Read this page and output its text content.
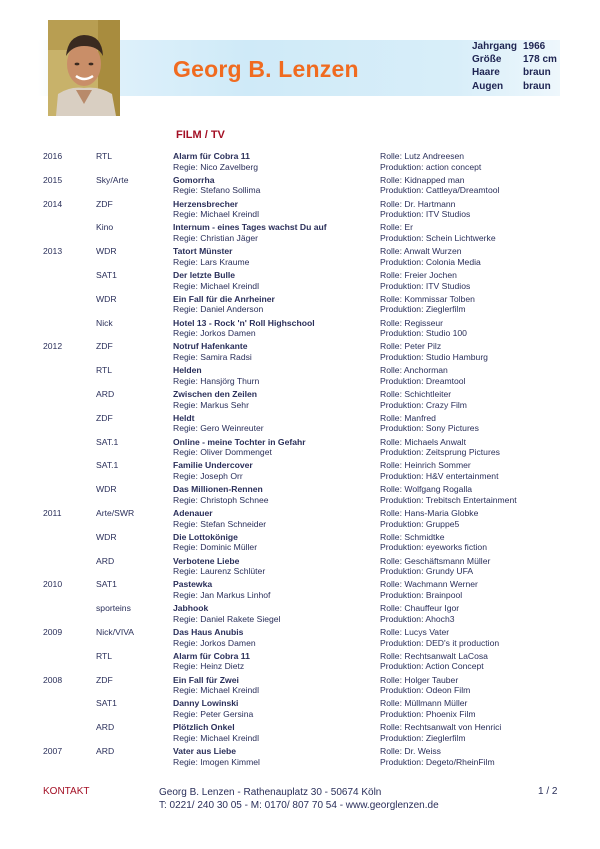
Georg B. Lenzen
Jahrgang 1966
Größe	178 cm
Haare	braun
Augen	braun
FILM / TV
2016	RTL	Alarm für Cobra 11
Regie: Nico Zavelberg
Rolle: Lutz Andreesen
Produktion: action concept
2015	Sky/Arte	Gomorrha
Regie: Stefano Sollima
Rolle: Kidnapped man
Produktion: Cattleya/Dreamtool
2014	ZDF	Herzensbrecher
Regie: Michael Kreindl
Rolle: Dr. Hartmann
Produktion: ITV Studios
Kino	Internum - eines Tages wachst Du auf
Regie: Christian Jäger
Rolle: Er
Produktion: Schein Lichtwerke
2013	WDR	Tatort Münster
Regie: Lars Kraume
Rolle: Anwalt Wurzen
Produktion: Colonia Media
SAT1	Der letzte Bulle
Regie: Michael Kreindl
Rolle: Freier Jochen
Produktion: ITV Studios
WDR	Ein Fall für die Anrheiner
Regie: Daniel Anderson
Rolle: Kommissar Tolben
Produktion: Zieglerfilm
Nick	Hotel 13 - Rock 'n' Roll Highschool
Regie: Jorkos Damen
Rolle: Regisseur
Produktion: Studio 100
2012	ZDF	Notruf Hafenkante
Regie: Samira Radsi
Rolle: Peter Pilz
Produktion: Studio Hamburg
RTL	Helden
Regie: Hansjörg Thurn
Rolle: Anchorman
Produktion: Dreamtool
ARD	Zwischen den Zeilen
Regie: Markus Sehr
Rolle: Schichtleiter
Produktion: Crazy Film
ZDF	Heldt
Regie: Gero Weinreuter
Rolle: Manfred
Produktion: Sony Pictures
SAT.1	Online - meine Tochter in Gefahr
Regie: Oliver Dommenget
Rolle: Michaels Anwalt
Produktion: Zeitsprung Pictures
SAT.1	Familie Undercover
Regie: Joseph Orr
Rolle: Heinrich Sommer
Produktion: H&V entertainment
WDR	Das Millionen-Rennen
Regie: Christoph Schnee
Rolle: Wolfgang Rogalla
Produktion: Trebitsch Entertainment
2011	Arte/SWR	Adenauer
Regie: Stefan Schneider
Rolle: Hans-Maria Globke
Produktion: Gruppe5
WDR	Die Lottokönige
Regie: Dominic Müller
Rolle: Schmidtke
Produktion: eyeworks fiction
ARD	Verbotene Liebe
Regie: Laurenz Schlüter
Rolle: Geschäftsmann Müller
Produktion: Grundy UFA
2010	SAT1	Pastewka
Regie: Jan Markus Linhof
Rolle: Wachmann Werner
Produktion: Brainpool
sporteins	Jabhook
Regie: Daniel Rakete Siegel
Rolle: Chauffeur Igor
Produktion: Ahoch3
2009	Nick/VIVA	Das Haus Anubis
Regie: Jorkos Damen
Rolle: Lucys Vater
Produktion: DED's it production
RTL	Alarm für Cobra 11
Regie: Heinz Dietz
Rolle: Rechtsanwalt LaCosa
Produktion: Action Concept
2008	ZDF	Ein Fall für Zwei
Regie: Michael Kreindl
Rolle: Holger Tauber
Produktion: Odeon Film
SAT1	Danny Lowinski
Regie: Peter Gersina
Rolle: Müllmann Müller
Produktion: Phoenix Film
ARD	Plötzlich Onkel
Regie: Michael Kreindl
Rolle: Rechtsanwalt von Henrici
Produktion: Zieglerfilm
2007	ARD	Vater aus Liebe
Regie: Imogen Kimmel
Rolle: Dr. Weiss
Produktion: Degeto/RheinFilm
KONTAKT	Georg B. Lenzen - Rathenauplatz 30 - 50674 Köln
T: 0221/ 240 30 05 - M: 0170/ 807 70 54 - www.georglenzen.de
1 / 2
